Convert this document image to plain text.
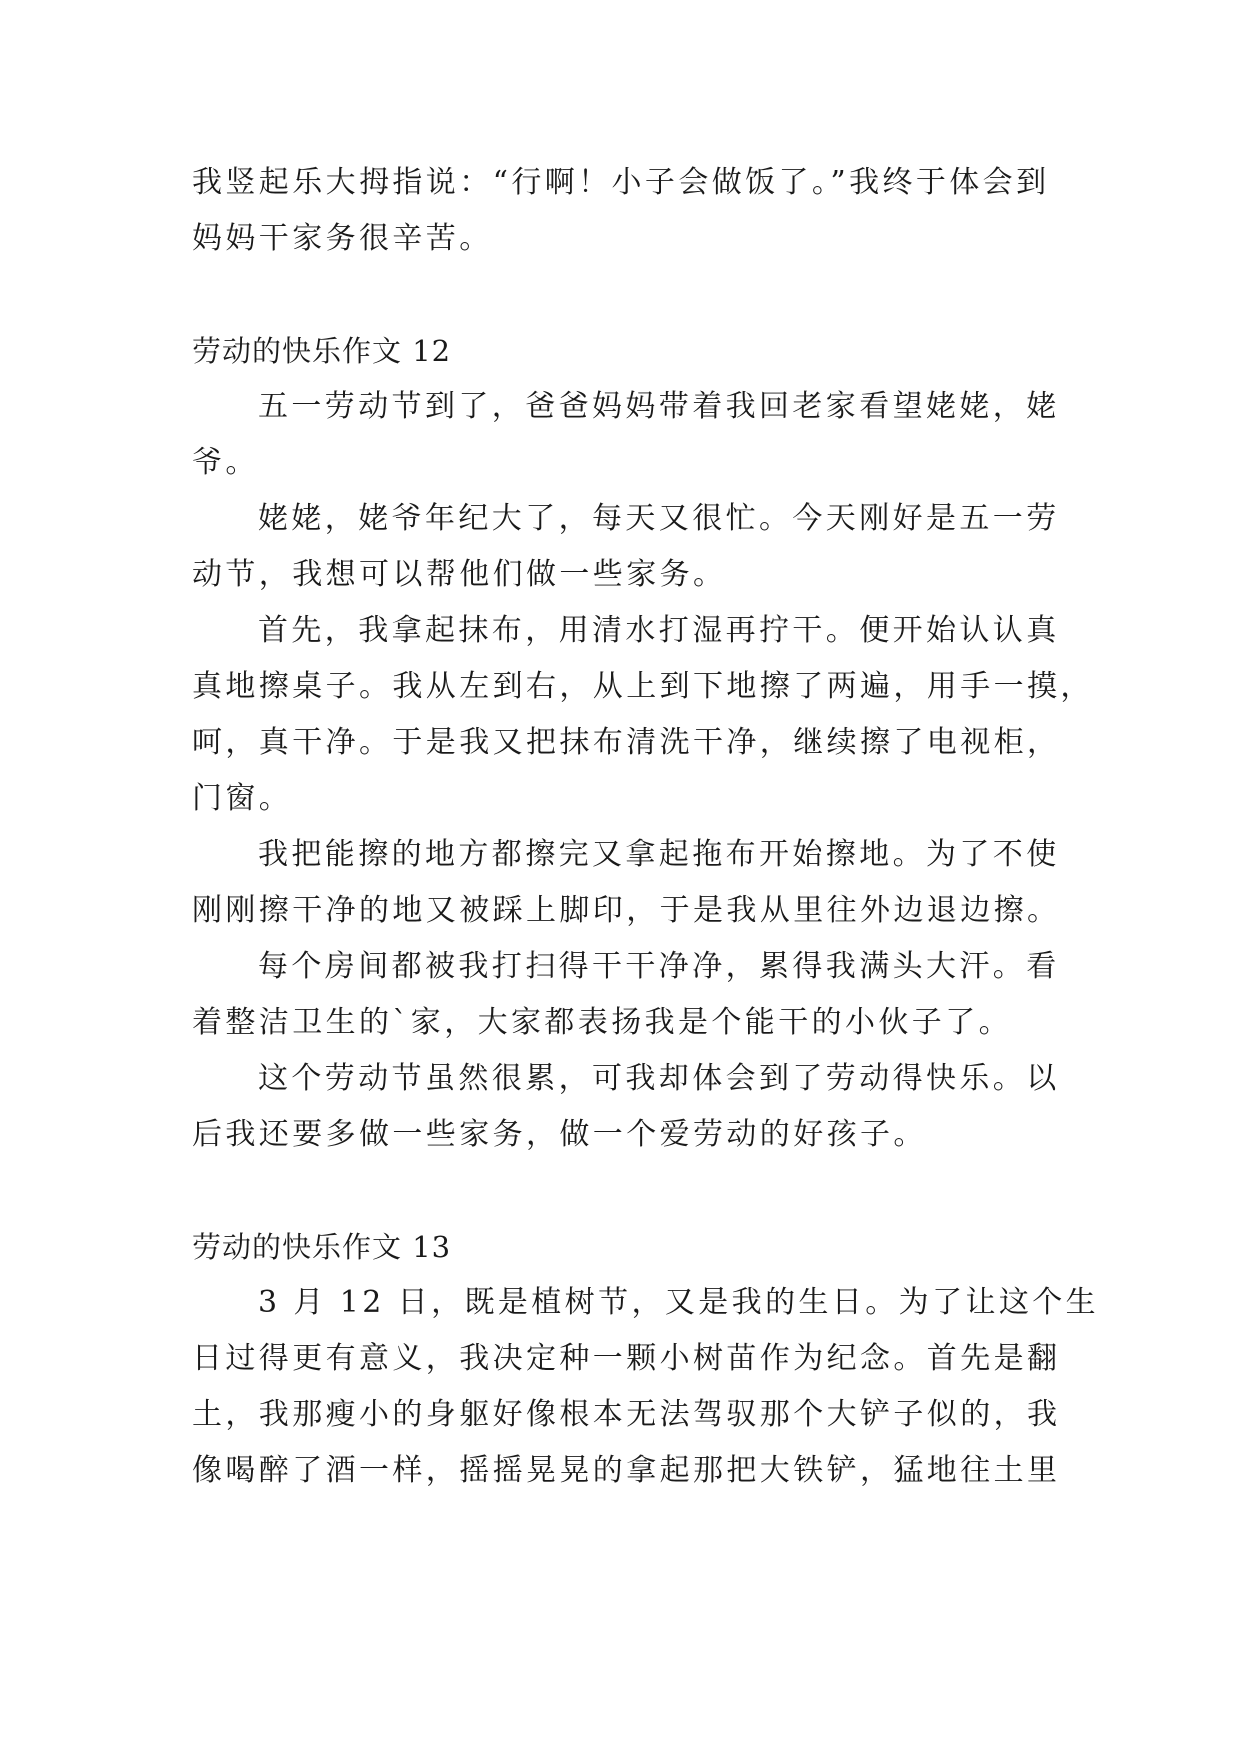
我竖起乐大拇指说：“行啊！小子会做饭了。”我终于体会到
妈妈干家务很辛苦。
劳动的快乐作文 12
五一劳动节到了，爸爸妈妈带着我回老家看望姥姥，姥
爷。
姥姥，姥爷年纪大了，每天又很忙。今天刚好是五一劳
动节，我想可以帮他们做一些家务。
首先，我拿起抹布，用清水打湿再拧干。便开始认认真
真地擦桌子。我从左到右，从上到下地擦了两遍，用手一摸，
呵，真干净。于是我又把抹布清洗干净，继续擦了电视柜，
门窗。
我把能擦的地方都擦完又拿起拖布开始擦地。为了不使
刚刚擦干净的地又被踩上脚印，于是我从里往外边退边擦。
每个房间都被我打扫得干干净净，累得我满头大汗。看
着整洁卫生的`家，大家都表扬我是个能干的小伙子了。
这个劳动节虽然很累，可我却体会到了劳动得快乐。以
后我还要多做一些家务，做一个爱劳动的好孩子。
劳动的快乐作文 13
3 月 12 日，既是植树节，又是我的生日。为了让这个生
日过得更有意义，我决定种一颗小树苗作为纪念。首先是翻
土，我那瘦小的身躯好像根本无法驾驭那个大铲子似的，我
像喝醉了酒一样，摇摇晃晃的拿起那把大铁铲，猛地往土里
